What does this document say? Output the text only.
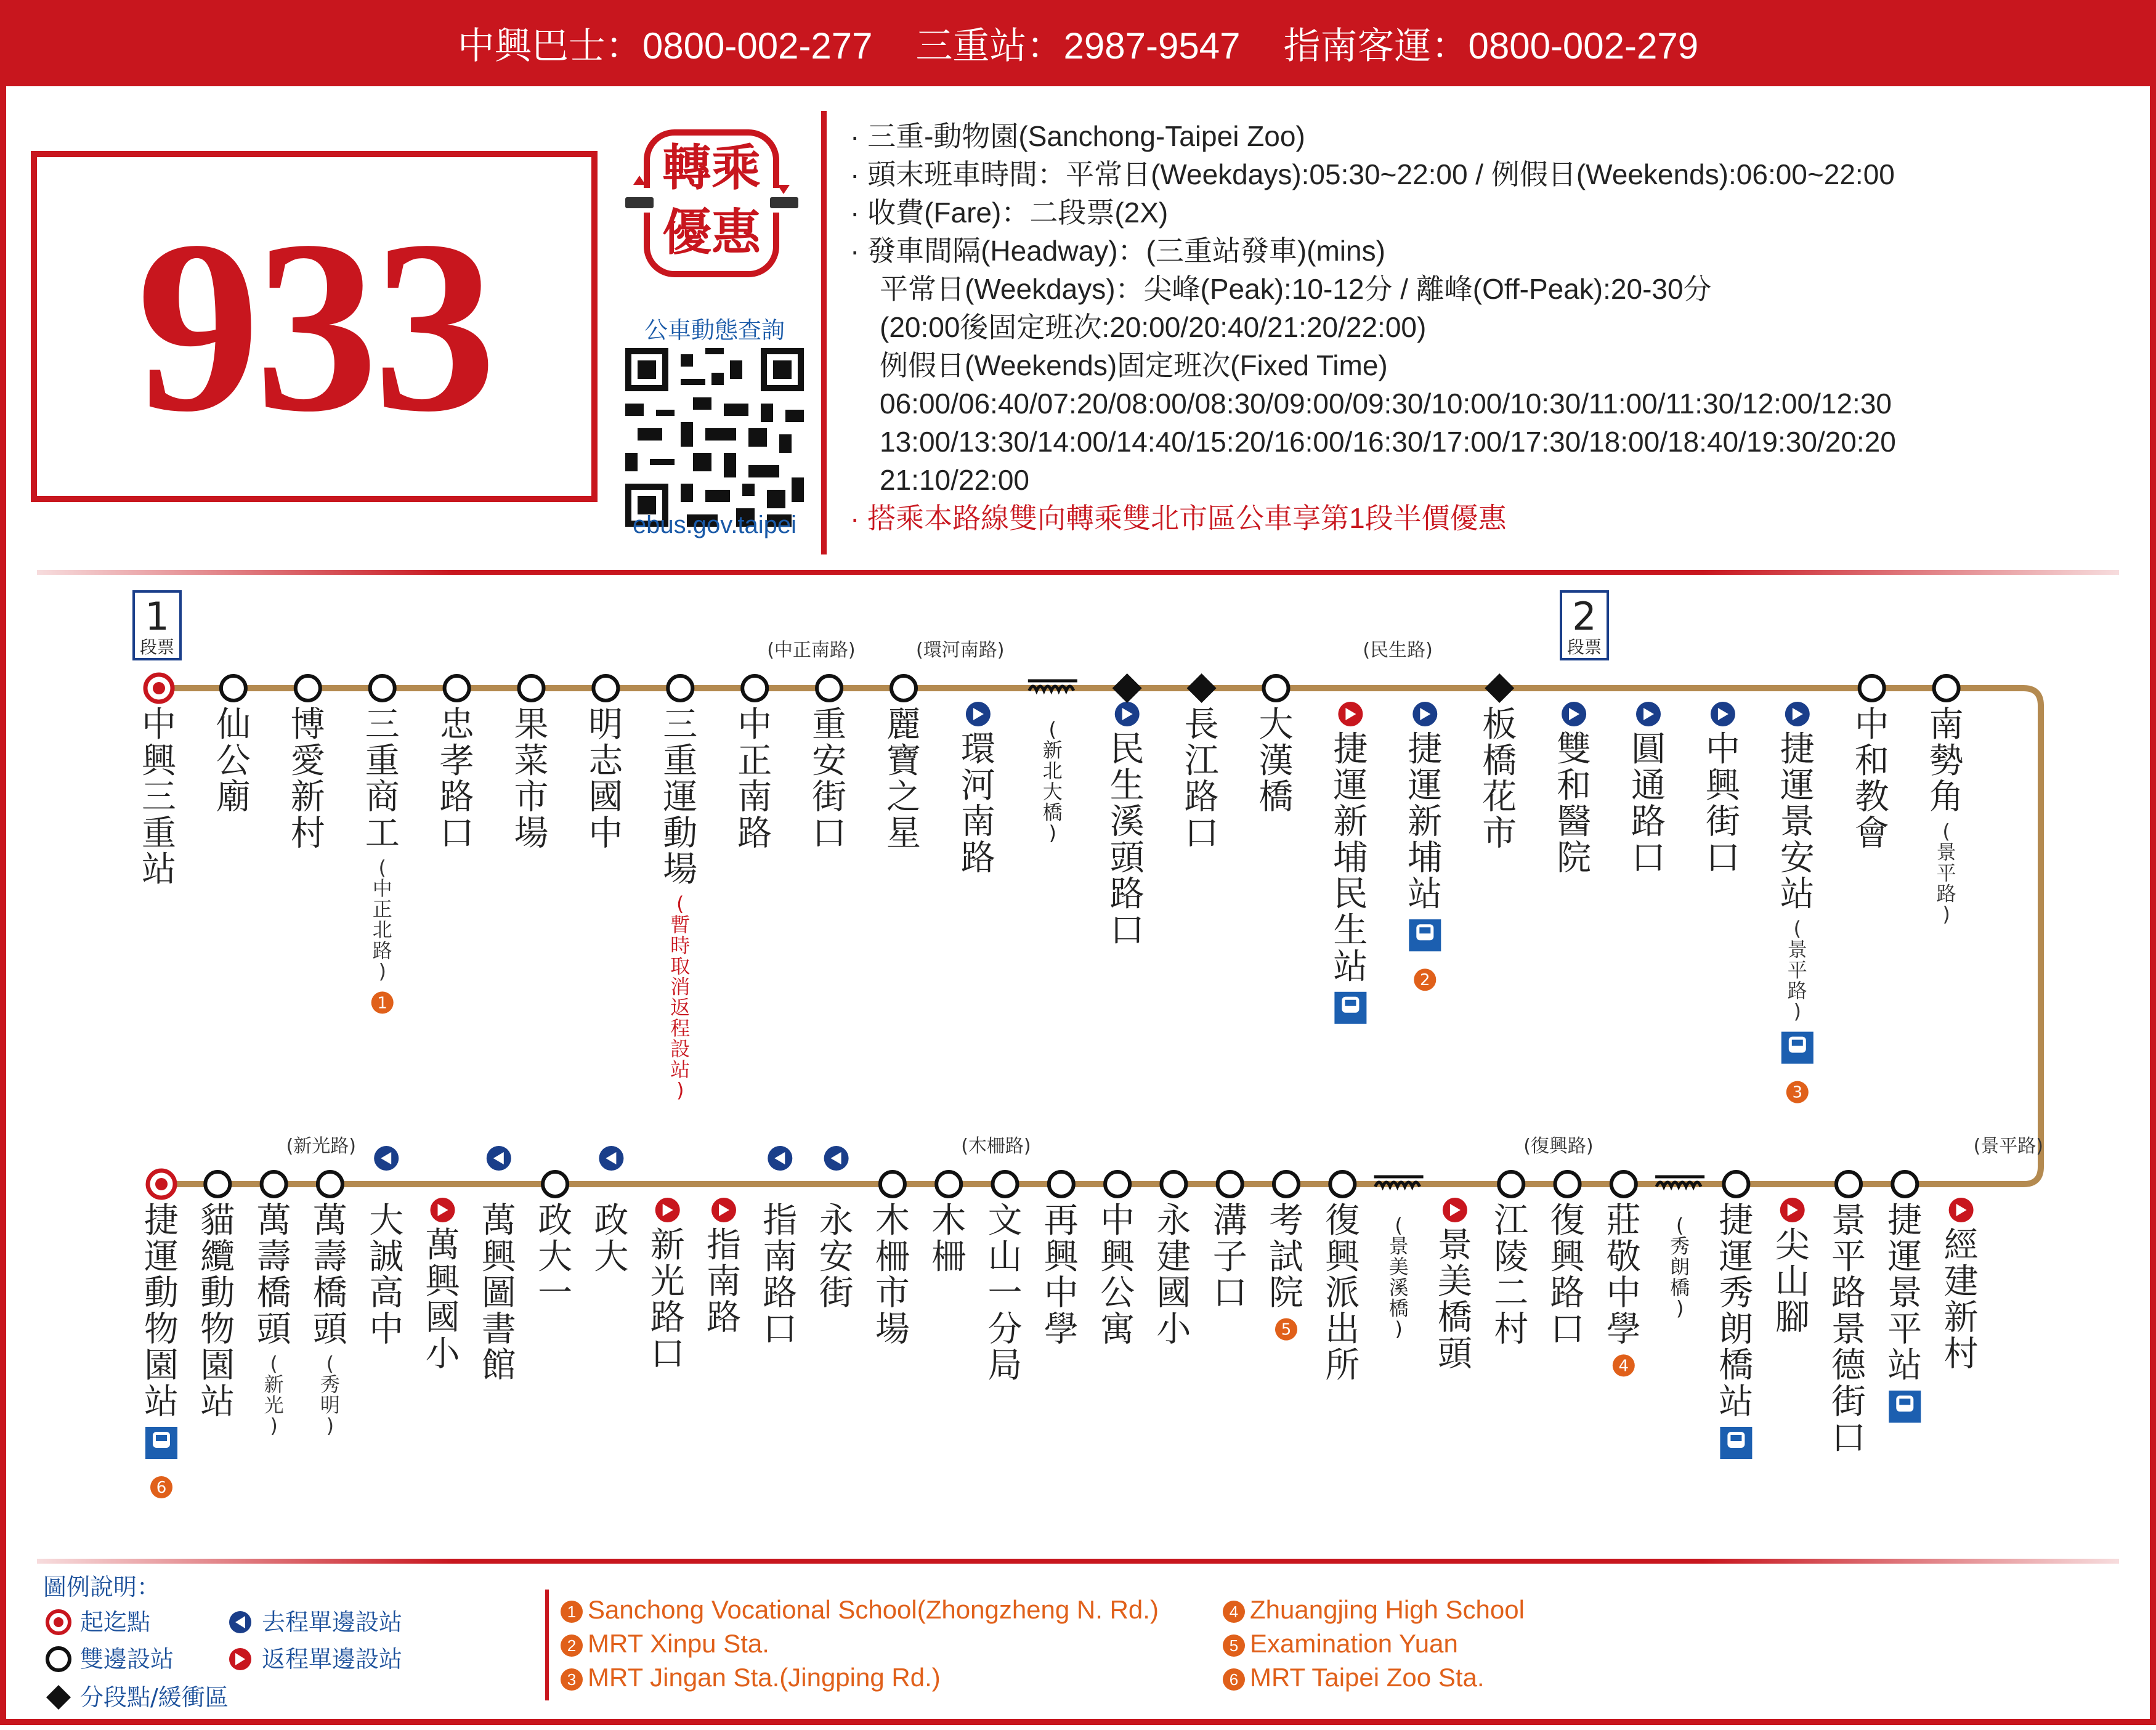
中興巴士：0800-002-277 三重站：2987-9547 指南客運：0800-002-279
933
轉乘
優惠
公車動態查詢
ebus.gov.taipei
· 三重-動物園(Sanchong-Taipei Zoo)
· 頭末班車時間：平常日(Weekdays):05:30~22:00 / 例假日(Weekends):06:00~22:00
· 收費(Fare)：二段票(2X)
· 發車間隔(Headway)：(三重站發車)(mins)
平常日(Weekdays)：尖峰(Peak):10-12分 / 離峰(Off-Peak):20-30分
(20:00後固定班次:20:00/20:40/21:20/22:00)
例假日(Weekends)固定班次(Fixed Time)
06:00/06:40/07:20/08:00/08:30/09:00/09:30/10:00/10:30/11:00/11:30/12:00/12:30
13:00/13:30/14:00/14:40/15:20/16:00/16:30/17:00/17:30/18:00/18:40/19:30/20:20
21:10/22:00
· 搭乘本路線雙向轉乘雙北市區公車享第1段半價優惠
1
段票
2
段票
中興三重站
仙公廟
博愛新村
三重商工
(中正北路)
1
忠孝路口
果菜市場
明志國中
三重運動場
(暫時取消返程設站)
(中正南路)
中正南路
重安街口
(環河南路)
麗寶之星
環河南路
(新北大橋)
民生溪頭路口
長江路口
大漢橋
(民生路)
捷運新埔民生站
捷運新埔站
2
板橋花市
雙和醫院
圓通路口
中興街口
捷運景安站
(景平路)
3
中和教會
南勢角
(景平路)
捷運動物園站
6
貓纜動物園站
(新光路)
萬壽橋頭
(新光)
萬壽橋頭
(秀明)
大誠高中
萬興國小
萬興圖書館
政大一
政大 新光路口
指南路
指南路口
永安街
木柵市場
(木柵路)
木柵
文山一分局
再興中學
中興公寓
永建國小
溝子口
考試院
5
復興派出所
(景美溪橋)
景美橋頭
(復興路)
江陵二村
復興路口
莊敬中學
4
(秀朗橋)
捷運秀朗橋站
尖山腳
景平路景德街口
捷運景平站
(景平路)
經建新村
圖例說明：
起迄點	去程單邊設站
雙邊設站	返程單邊設站
分段點/緩衝區
1 Sanchong Vocational School(Zhongzheng N. Rd.)
2 MRT Xinpu Sta.
3 MRT Jingan Sta.(Jingping Rd.)
4 Zhuangjing High School
5 Examination Yuan
6 MRT Taipei Zoo Sta.
